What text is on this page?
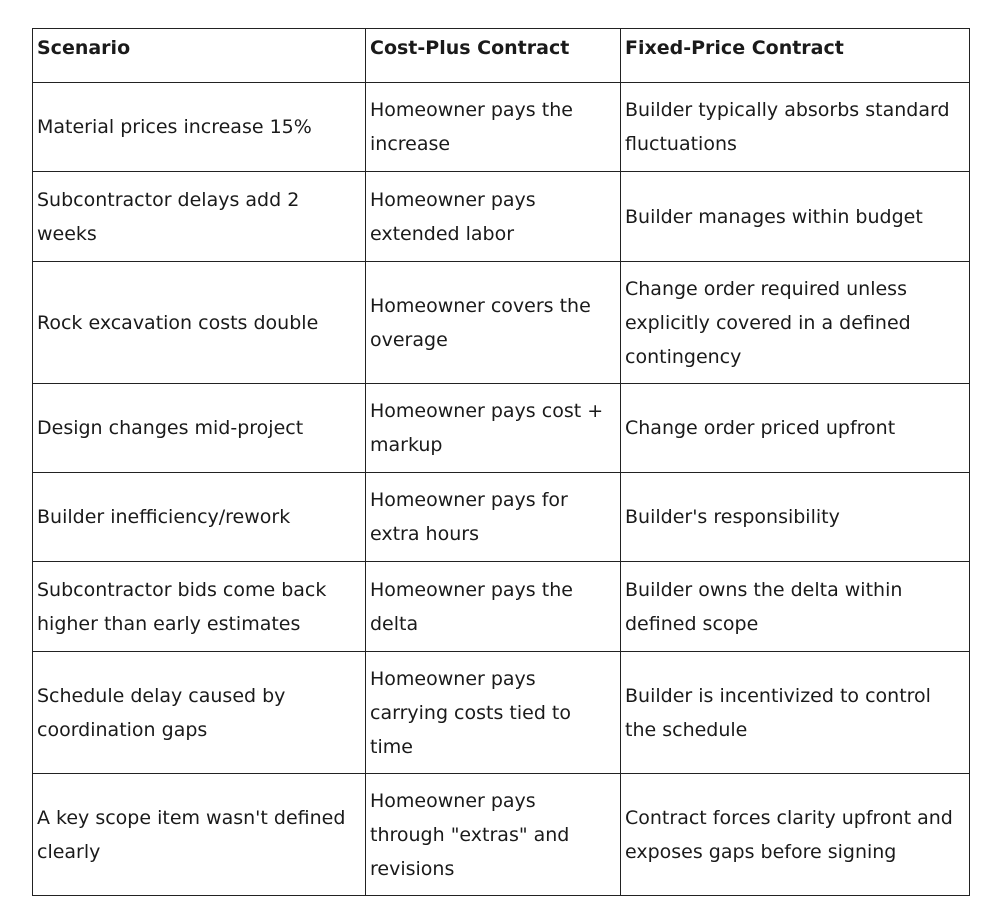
Scenario	Cost-Plus Contract	Fixed-Price Contract
Material prices increase 15%	Homeowner pays the increase	Builder typically absorbs standard fluctuations
Subcontractor delays add 2 weeks	Homeowner pays extended labor	Builder manages within budget
Rock excavation costs double	Homeowner covers the overage	Change order required unless explicitly covered in a defined contingency
Design changes mid-project	Homeowner pays cost + markup	Change order priced upfront
Builder inefficiency/rework	Homeowner pays for extra hours	Builder's responsibility
Subcontractor bids come back higher than early estimates	Homeowner pays the delta	Builder owns the delta within defined scope
Schedule delay caused by coordination gaps	Homeowner pays carrying costs tied to time	Builder is incentivized to control the schedule
A key scope item wasn't defined clearly	Homeowner pays through "extras" and revisions	Contract forces clarity upfront and exposes gaps before signing
